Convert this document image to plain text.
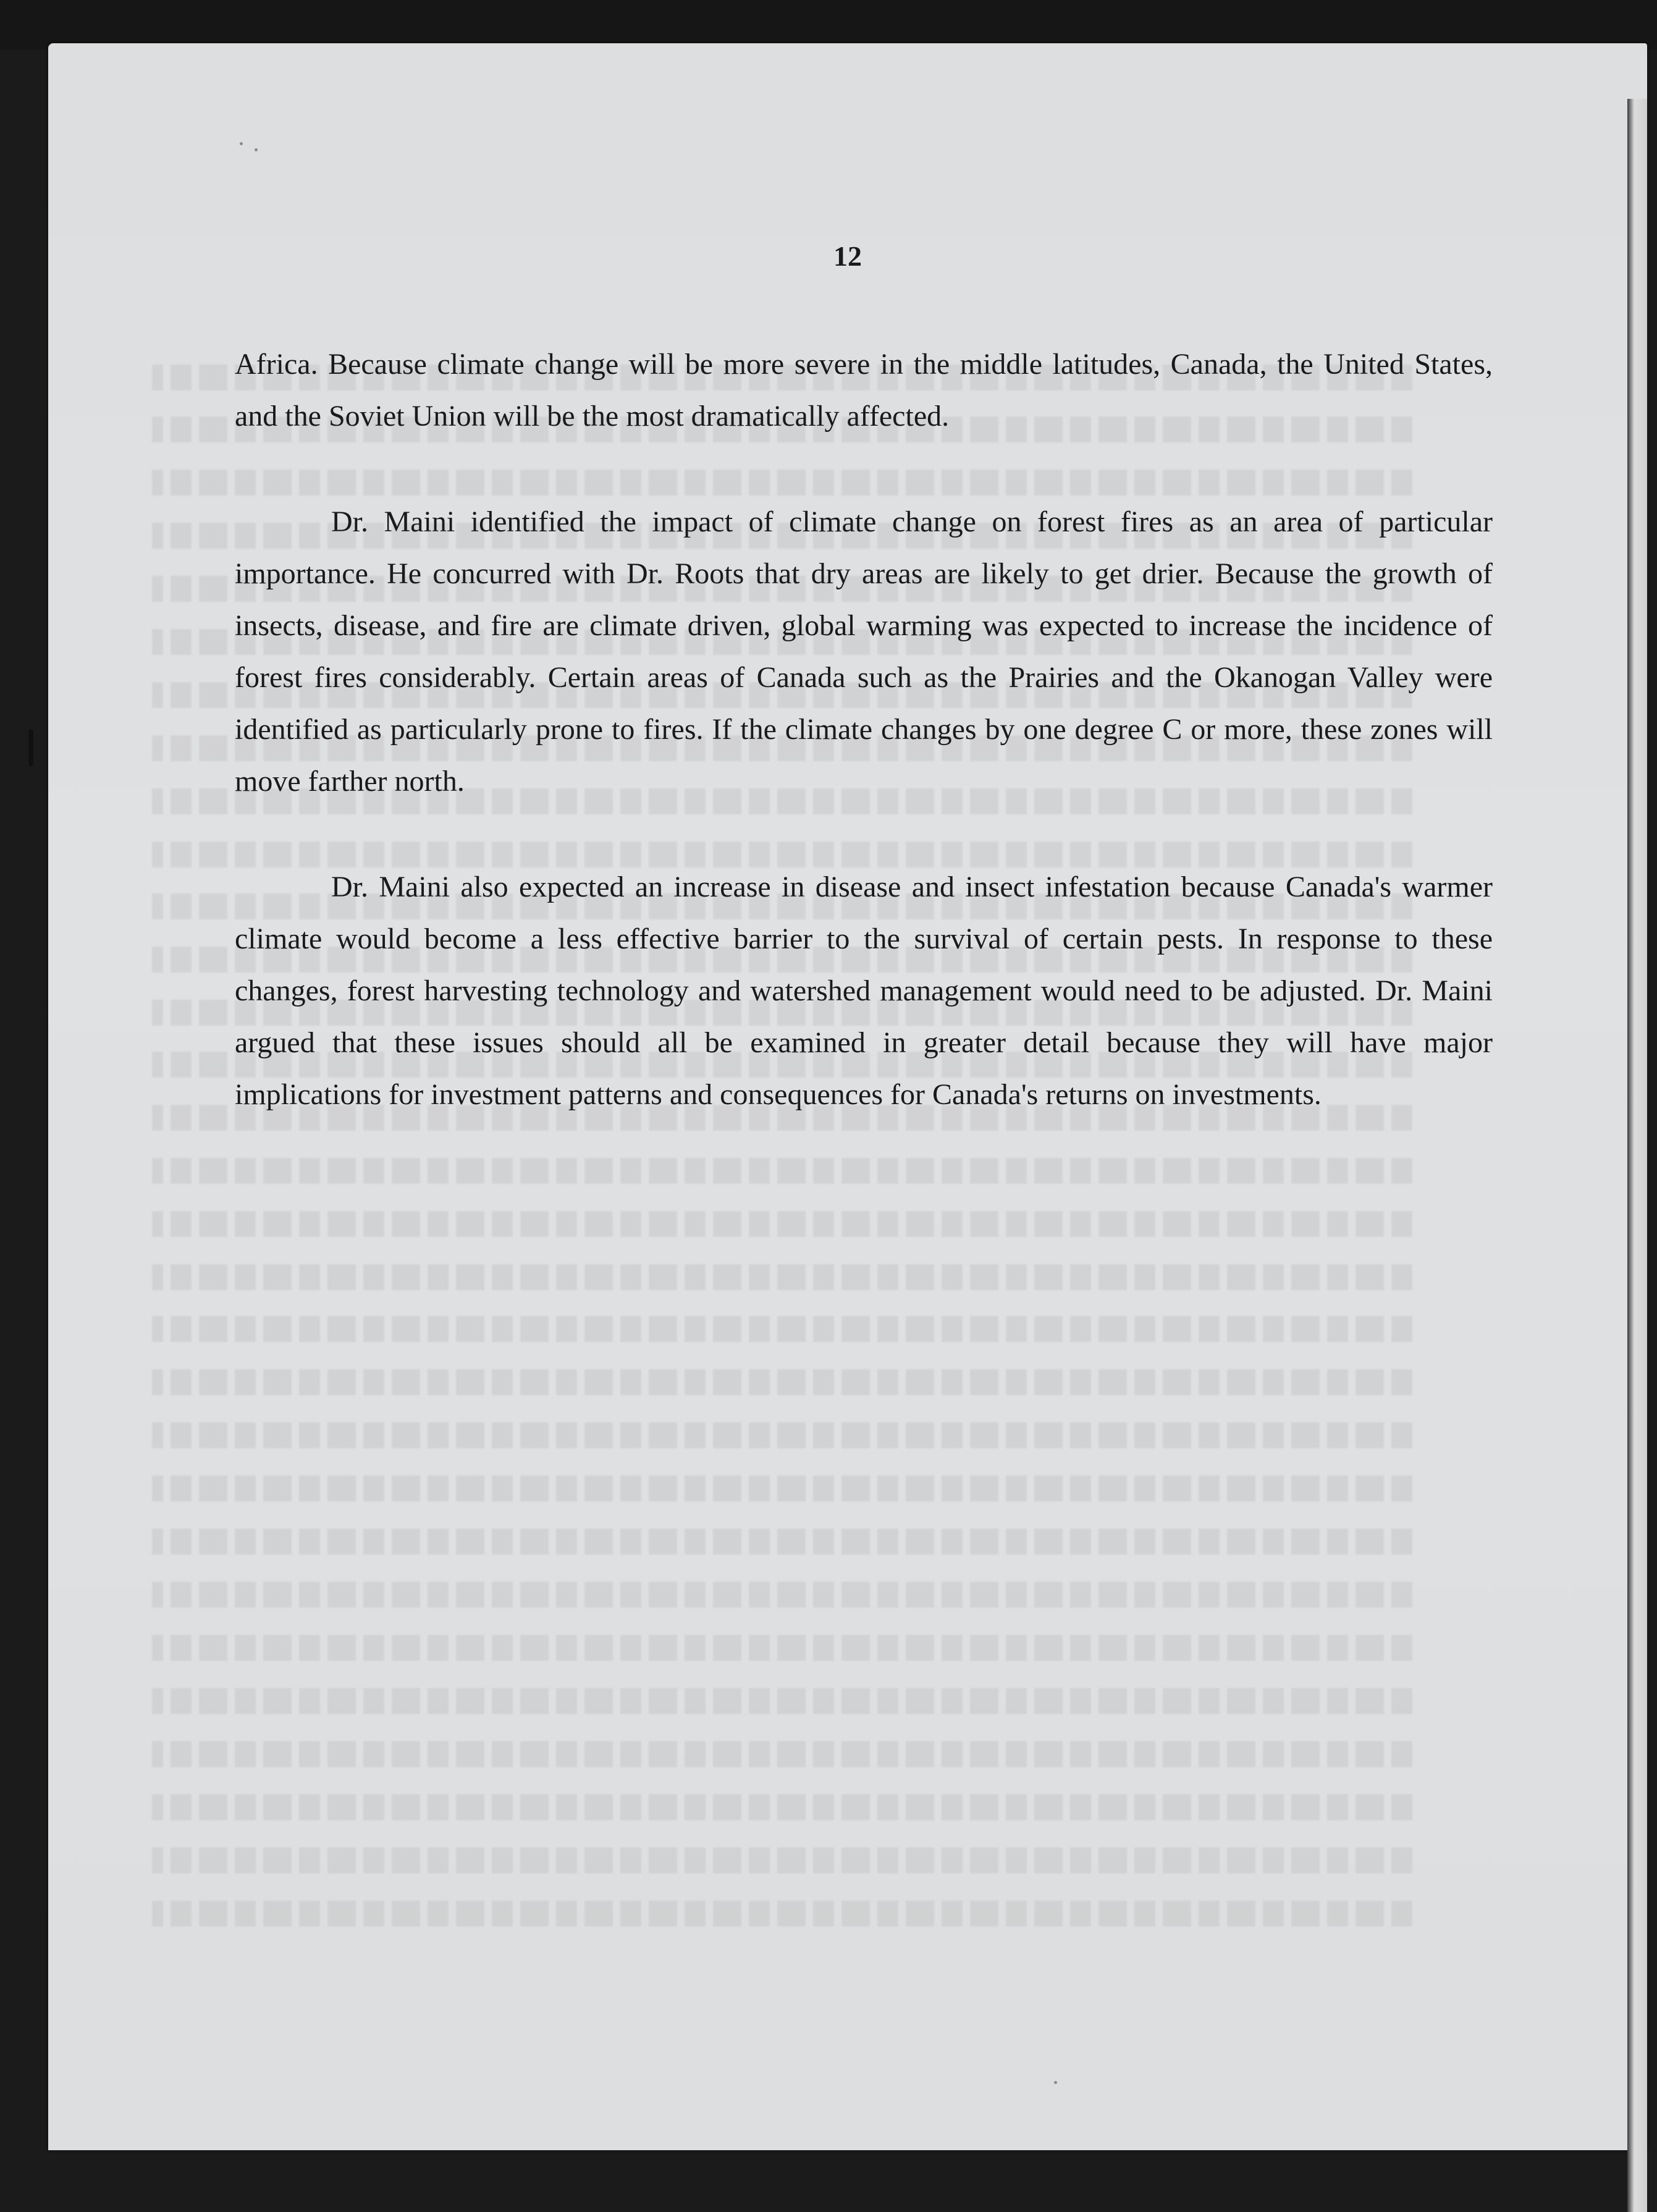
12

Africa. Because climate change will be more severe in the middle latitudes, Canada, the United States, and the Soviet Union will be the most dramatically affected.

Dr. Maini identified the impact of climate change on forest fires as an area of particular importance. He concurred with Dr. Roots that dry areas are likely to get drier. Because the growth of insects, disease, and fire are climate driven, global warming was expected to increase the incidence of forest fires considerably. Certain areas of Canada such as the Prairies and the Okanogan Valley were identified as particularly prone to fires. If the climate changes by one degree C or more, these zones will move farther north.

Dr. Maini also expected an increase in disease and insect infestation because Canada's warmer climate would become a less effective barrier to the survival of certain pests. In response to these changes, forest harvesting technology and watershed management would need to be adjusted. Dr. Maini argued that these issues should all be examined in greater detail because they will have major implications for investment patterns and consequences for Canada's returns on investments.
